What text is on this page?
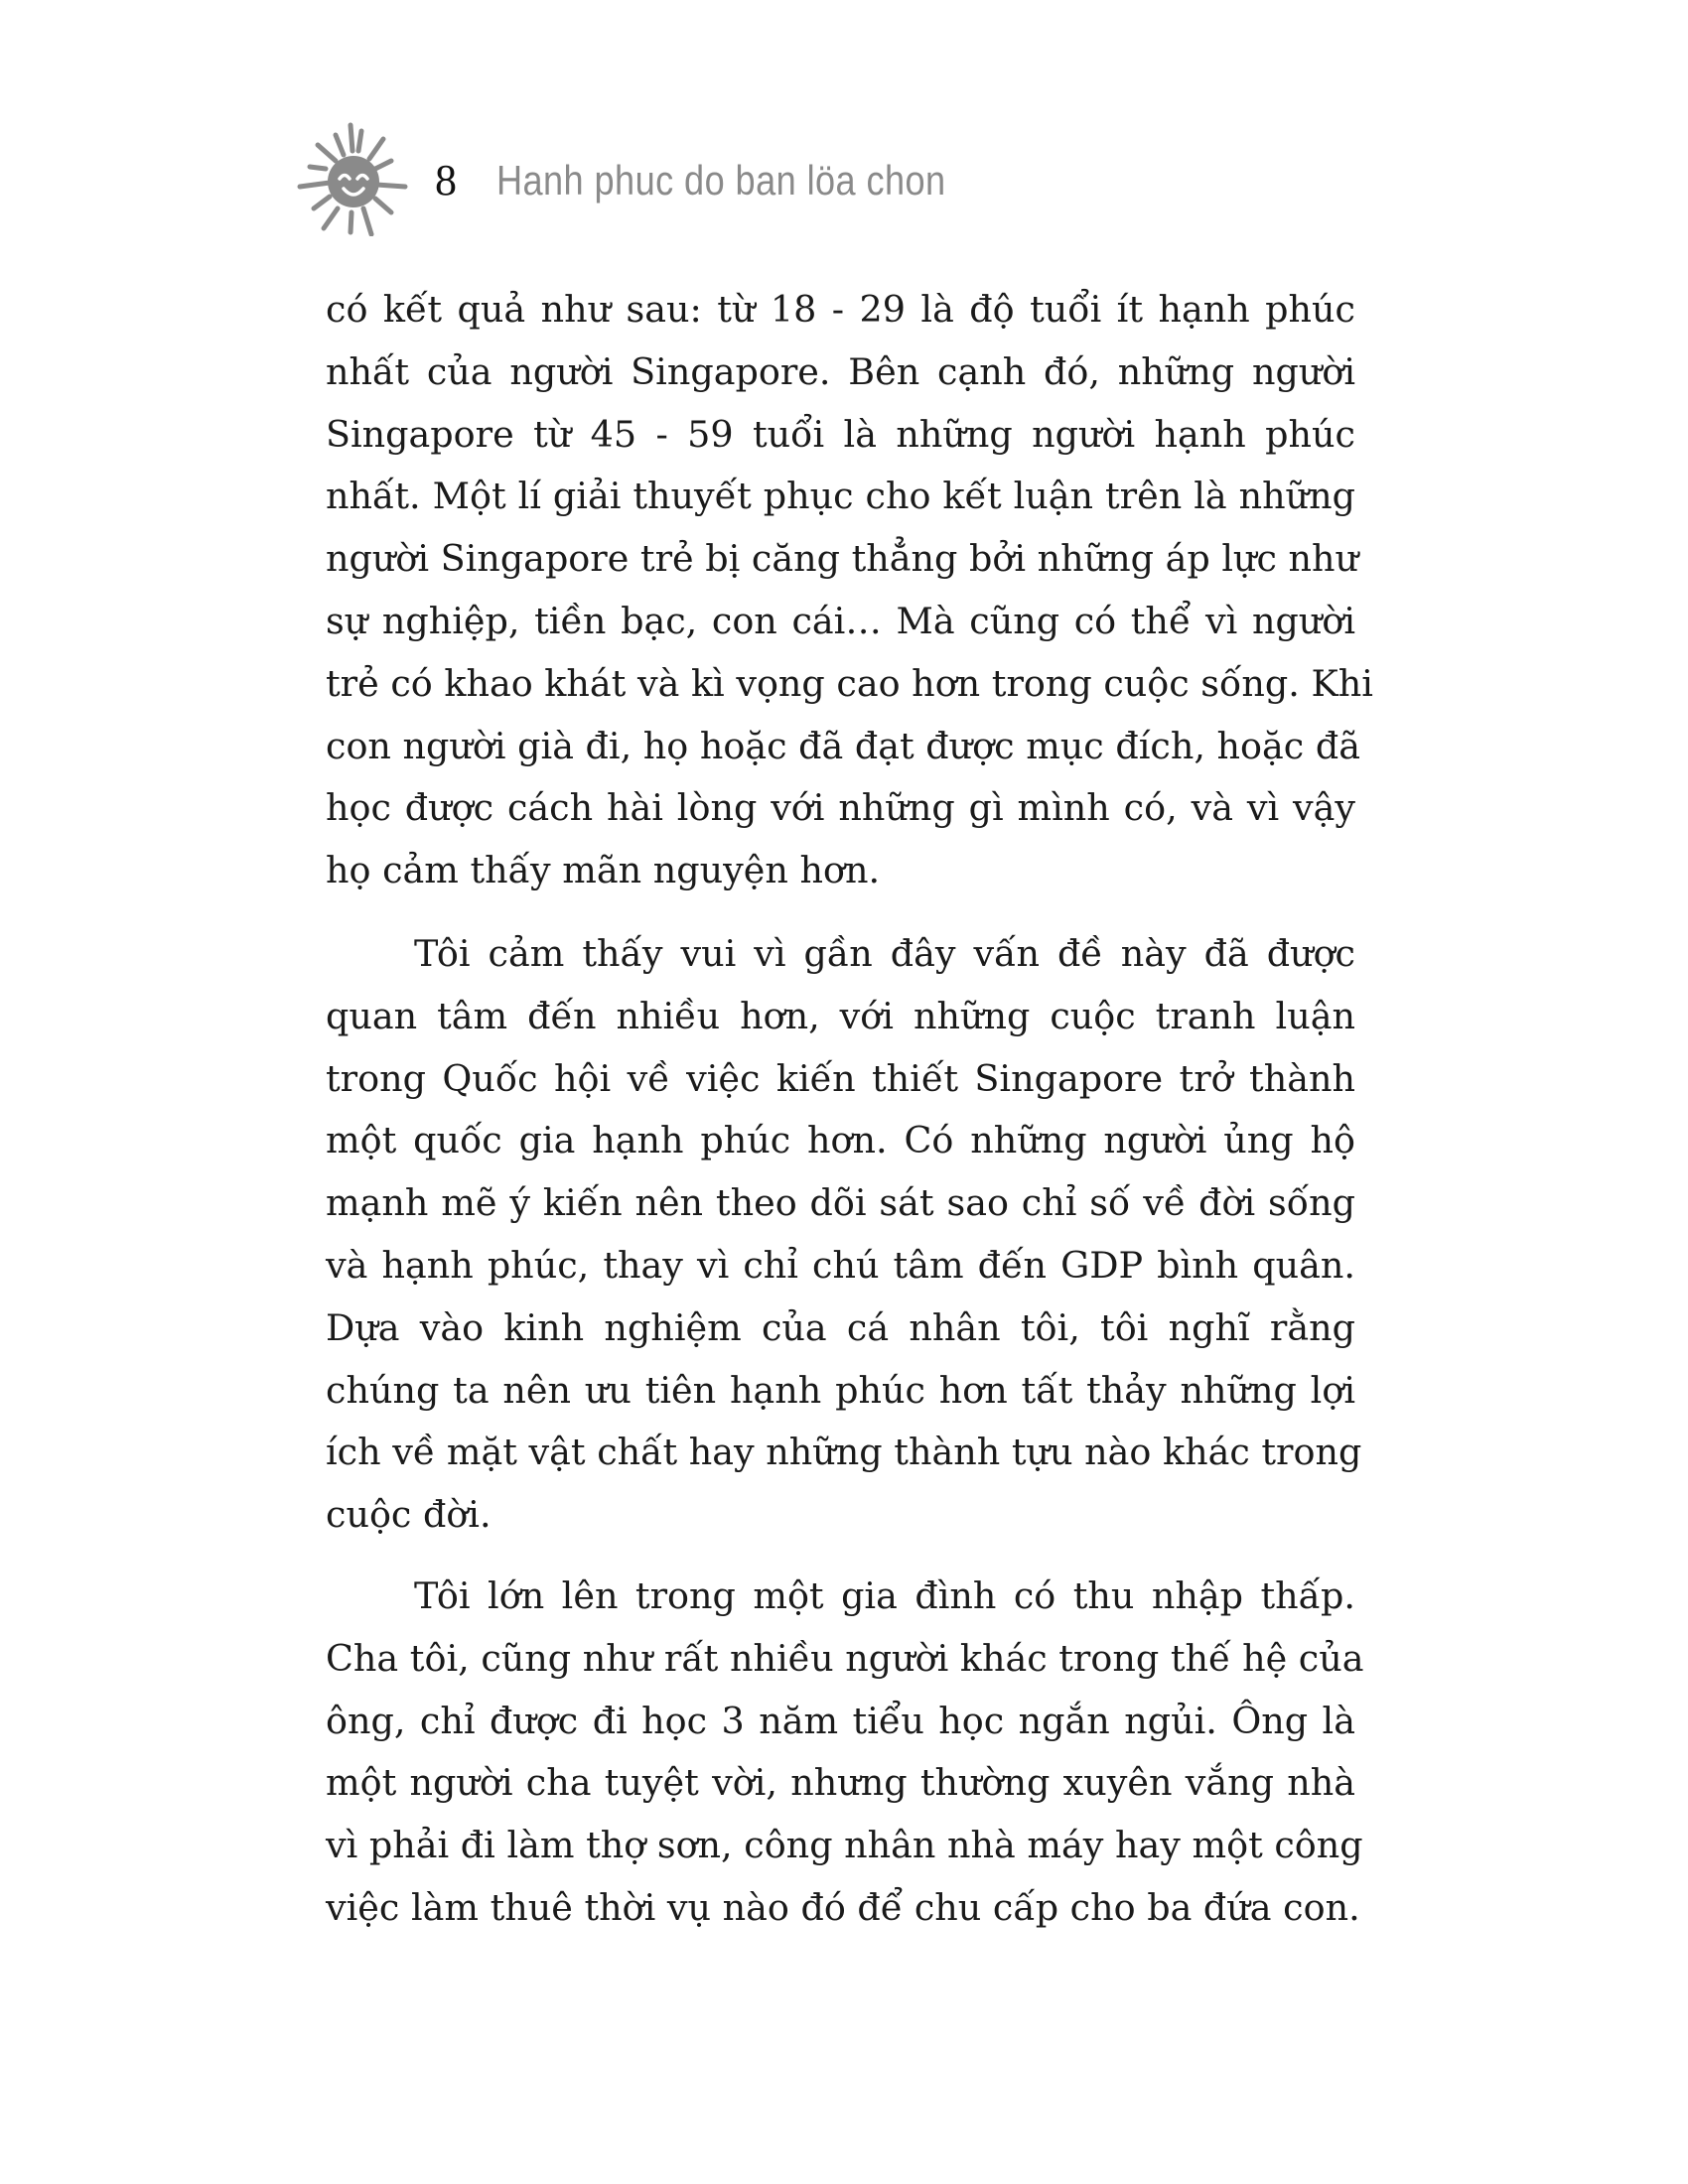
8 Hanh phuc do ban löa chon
có kết quả như sau: từ 18 - 29 là độ tuổi ít hạnh phúc
nhất của người Singapore. Bên cạnh đó, những người
Singapore từ 45 - 59 tuổi là những người hạnh phúc
nhất. Một lí giải thuyết phục cho kết luận trên là những
người Singapore trẻ bị căng thẳng bởi những áp lực như
sự nghiệp, tiền bạc, con cái… Mà cũng có thể vì người
trẻ có khao khát và kì vọng cao hơn trong cuộc sống. Khi
con người già đi, họ hoặc đã đạt được mục đích, hoặc đã
học được cách hài lòng với những gì mình có, và vì vậy
họ cảm thấy mãn nguyện hơn.
Tôi cảm thấy vui vì gần đây vấn đề này đã được
quan tâm đến nhiều hơn, với những cuộc tranh luận
trong Quốc hội về việc kiến thiết Singapore trở thành
một quốc gia hạnh phúc hơn. Có những người ủng hộ
mạnh mẽ ý kiến nên theo dõi sát sao chỉ số về đời sống
và hạnh phúc, thay vì chỉ chú tâm đến GDP bình quân.
Dựa vào kinh nghiệm của cá nhân tôi, tôi nghĩ rằng
chúng ta nên ưu tiên hạnh phúc hơn tất thảy những lợi
ích về mặt vật chất hay những thành tựu nào khác trong
cuộc đời.
Tôi lớn lên trong một gia đình có thu nhập thấp.
Cha tôi, cũng như rất nhiều người khác trong thế hệ của
ông, chỉ được đi học 3 năm tiểu học ngắn ngủi. Ông là
một người cha tuyệt vời, nhưng thường xuyên vắng nhà
vì phải đi làm thợ sơn, công nhân nhà máy hay một công
việc làm thuê thời vụ nào đó để chu cấp cho ba đứa con.
